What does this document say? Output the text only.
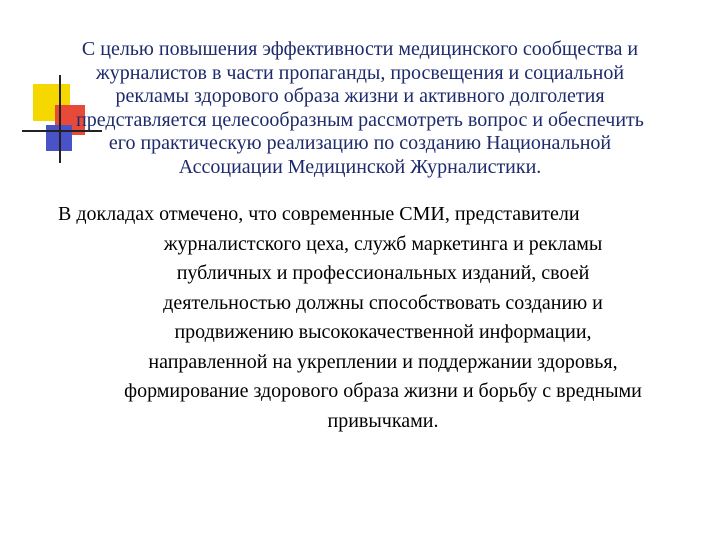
С целью повышения эффективности медицинского сообщества и
журналистов в части пропаганды, просвещения и социальной
рекламы здорового образа жизни и активного долголетия
представляется целесообразным рассмотреть вопрос и обеспечить
его практическую реализацию по созданию Национальной
Ассоциации Медицинской Журналистики.

В докладах отмечено, что современные СМИ, представители
журналистского цеха, служб маркетинга и рекламы
публичных и профессиональных изданий, своей
деятельностью должны способствовать созданию и
продвижению высококачественной информации,
направленной на укреплении и поддержании здоровья,
формирование здорового образа жизни и борьбу с вредными
привычками.
